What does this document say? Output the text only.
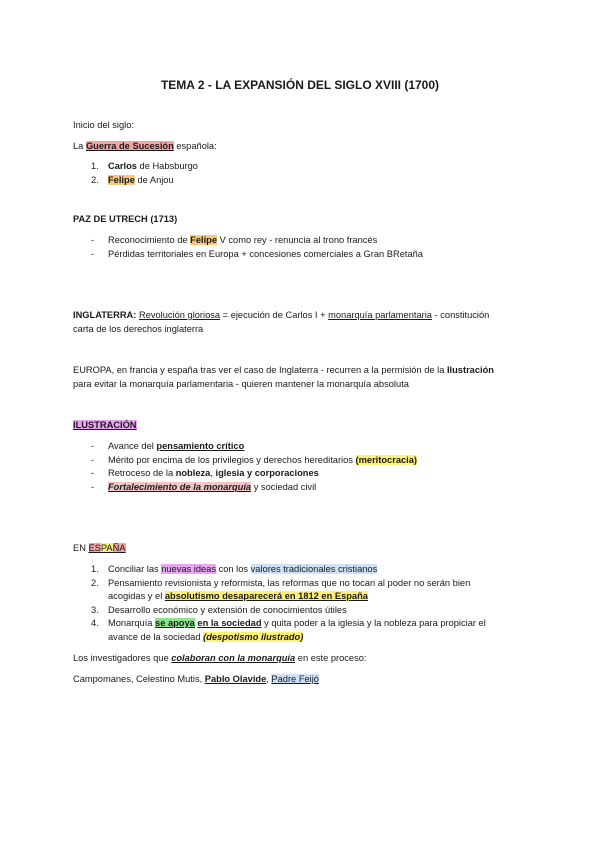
TEMA 2 - LA EXPANSIÓN DEL SIGLO XVIII (1700)
Inicio del siglo:
La Guerra de Sucesión española:
1. Carlos de Habsburgo
2. Felipe de Anjou
PAZ DE UTRECH (1713)
- Reconocimiento de Felipe V como rey - renuncia al trono francés
- Pérdidas territoriales en Europa + concesiones comerciales a Gran BRetaña
INGLATERRA: Revolución gloriosa = ejecución de Carlos I + monarquía parlamentaria - constitución
carta de los derechos inglaterra
EUROPA, en francia y españa tras ver el caso de Inglaterra - recurren a la permisión de la Ilustración
para evitar la monarquía parlamentaria - quieren mantener la monarquía absoluta
ILUSTRACIÓN
- Avance del pensamiento crítico
- Mérito por encima de los privilegios y derechos hereditarios (meritocracia)
- Retroceso de la nobleza, iglesia y corporaciones
- Fortalecimiento de la monarquía y sociedad civil
EN ESPAÑA
1. Conciliar las nuevas ideas con los valores tradicionales cristianos
2. Pensamiento revisionista y reformista, las reformas que no tocan al poder no serán bien
acogidas y el absolutismo desaparecerá en 1812 en España
3. Desarrollo económico y extensión de conocimientos útiles
4. Monarquía se apoya en la sociedad y quita poder a la iglesia y la nobleza para propiciar el
avance de la sociedad (despotismo ilustrado)
Los investigadores que colaboran con la monarquía en este proceso:
Campomanes, Celestino Mutis, Pablo Olavide, Padre Feijó
